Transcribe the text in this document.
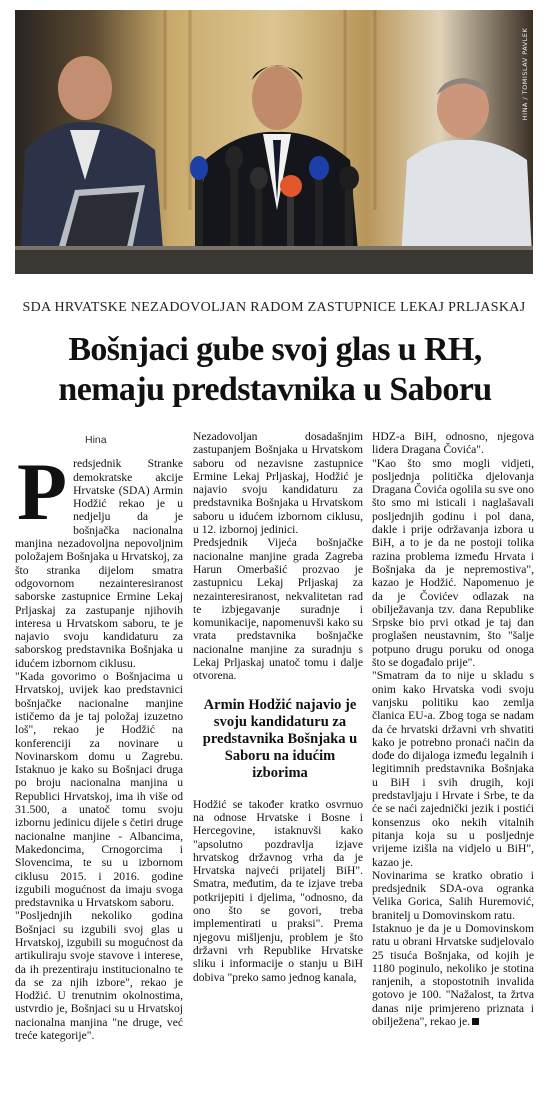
HINA / TOMISLAV PAVLEK
SDA HRVATSKE NEZADOVOLJAN RADOM ZASTUPNICE LEKAJ PRLJASKAJ
Bošnjaci gube svoj glas u RH,
nemaju predstavnika u Saboru
Hina
P redsjednik Stranke demokratske akcije Hrvatske (SDA) Armin Hodžić rekao je u nedjelju da je bošnjačka nacionalna manjina nezadovoljna nepovoljnim položajem Bošnjaka u Hrvatskoj, za što stranka dijelom smatra odgovornom nezainteresiranost saborske zastupnice Ermine Lekaj Prljaskaj za zastupanje njihovih interesa u Hrvatskom saboru, te je najavio svoju kandidaturu za saborskog predstavnika Bošnjaka u idućem izbornom ciklusu.

"Kada govorimo o Bošnjacima u Hrvatskoj, uvijek kao predstavnici bošnjačke nacionalne manjine ističemo da je taj položaj izuzetno loš", rekao je Hodžić na konferenciji za novinare u Novinarskom domu u Zagrebu. Istaknuo je kako su Bošnjaci druga po broju nacionalna manjina u Republici Hrvatskoj, ima ih više od 31.500, a unatoč tomu svoju izbornu jedinicu dijele s četiri druge nacionalne manjine - Albancima, Makedoncima, Crnogorcima i Slovencima, te su u izbornom ciklusu 2015. i 2016. godine izgubili mogućnost da imaju svoga predstavnika u Hrvatskom saboru.

"Posljednjih nekoliko godina Bošnjaci su izgubili svoj glas u Hrvatskoj, izgubili su mogućnost da artikuliraju svoje stavove i interese, da ih prezentiraju institucionalno te da se za njih izbore", rekao je Hodžić. U trenutnim okolnostima, ustvrdio je, Bošnjaci su u Hrvatskoj nacionalna manjina "ne druge, već treće kategorije".

Nezadovoljan dosadašnjim zastupanjem Bošnjaka u Hrvatskom saboru od nezavisne zastupnice Ermine Lekaj Prljaskaj, Hodžić je najavio svoju kandidaturu za predstavnika Bošnjaka u Hrvatskom saboru u idućem izbornom ciklusu, u 12. izbornoj jedinici.

Predsjednik Vijeća bošnjačke nacionalne manjine grada Zagreba Harun Omerbašić prozvao je zastupnicu Lekaj Prljaskaj za nezainteresiranost, nekvalitetan rad te izbjegavanje suradnje i komunikacije, napomenuvši kako su vrata predstavnika bošnjačke nacionalne manjine za suradnju s Lekaj Prljaskaj unatoč tomu i dalje otvorena.

Armin Hodžić najavio je svoju kandidaturu za predstavnika Bošnjaka u Saboru na idućim izborima

Hodžić se također kratko osvrnuo na odnose Hrvatske i Bosne i Hercegovine, istaknuvši kako "apsolutno pozdravlja izjave hrvatskog državnog vrha da je Hrvatska najveći prijatelj BiH". Smatra, međutim, da te izjave treba potkrijepiti i djelima, "odnosno, da ono što se govori, treba implementirati u praksi". Prema njegovu mišljenju, problem je što državni vrh Republike Hrvatske sliku i informacije o stanju u BiH dobiva "preko samo jednog kanala,

HDZ-a BiH, odnosno, njegova lidera Dragana Čovića".

"Kao što smo mogli vidjeti, posljednja politička djelovanja Dragana Čovića ogolila su sve ono što smo mi isticali i naglašavali posljednjih godinu i pol dana, dakle i prije održavanja izbora u BiH, a to je da ne postoji tolika razina problema između Hrvata i Bošnjaka da je nepremostiva", kazao je Hodžić. Napomenuo je da je Čovićev odlazak na obilježavanja tzv. dana Republike Srpske bio prvi otkad je taj dan proglašen neustavnim, što "šalje potpuno drugu poruku od onoga što se događalo prije".

"Smatram da to nije u skladu s onim kako Hrvatska vodi svoju vanjsku politiku kao zemlja članica EU-a. Zbog toga se nadam da će hrvatski državni vrh shvatiti kako je potrebno pronaći način da dođe do dijaloga između legalnih i legitimnih predstavnika Bošnjaka u BiH i svih drugih, koji predstavljaju i Hrvate i Srbe, te da će se naći zajednički jezik i postići konsenzus oko nekih vitalnih pitanja koja su u posljednje vrijeme izišla na vidjelo u BiH", kazao je.

Novinarima se kratko obratio i predsjednik SDA-ova ogranka Velika Gorica, Salih Huremović, branitelj u Domovinskom ratu.

Istaknuo je da je u Domovinskom ratu u obrani Hrvatske sudjelovalo 25 tisuća Bošnjaka, od kojih je 1180 poginulo, nekoliko je stotina ranjenih, a stopostotnih invalida gotovo je 100. "Nažalost, ta žrtva danas nije primjereno priznata i obilježena", rekao je.
